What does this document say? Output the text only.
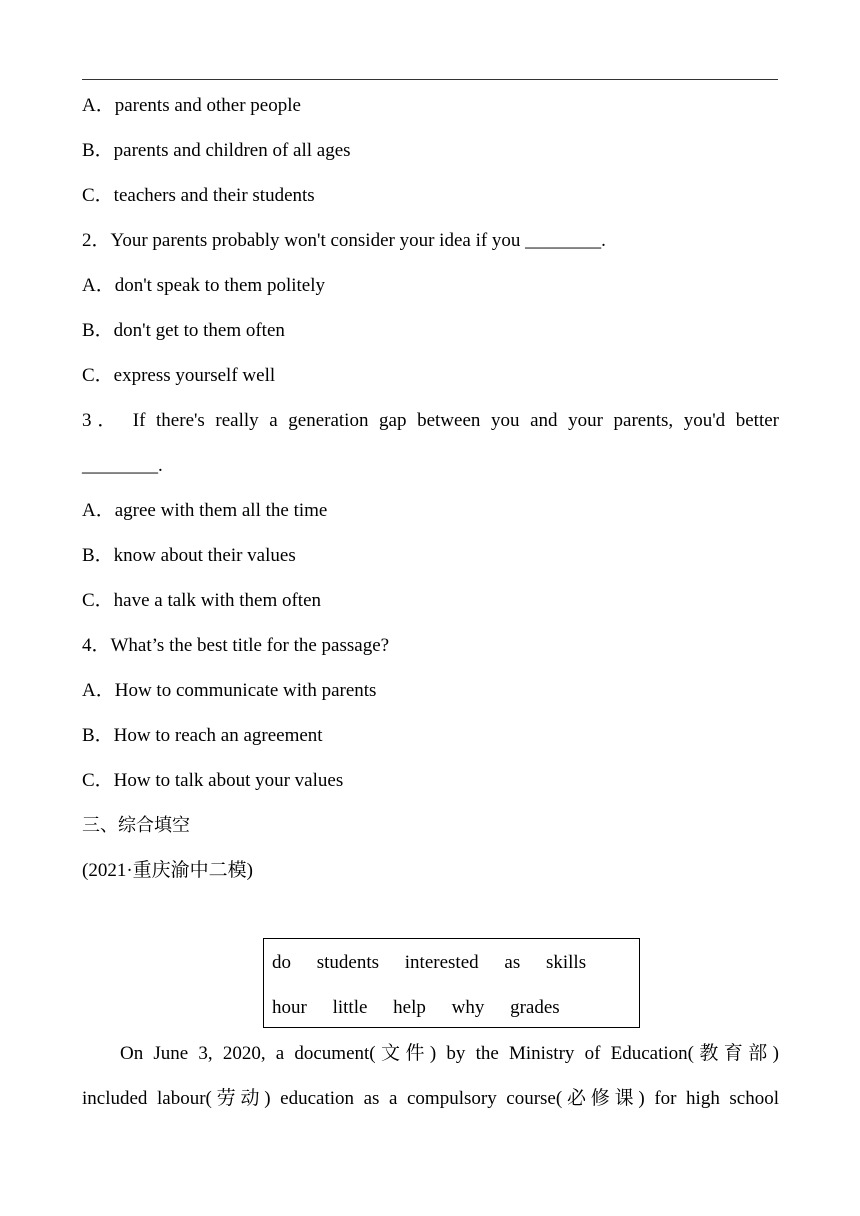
A．parents and other people
B．parents and children of all ages
C．teachers and their students
2．Your parents probably won't consider your idea if you ________.
A．don't speak to them politely
B．don't get to them often
C．express yourself well
3． If there's really a generation gap between you and your parents, you'd better
________.
A．agree with them all the time
B．know about their values
C．have a talk with them often
4．What’s the best title for the passage?
A．How to communicate with parents
B．How to reach an agreement
C．How to talk about your values
三、综合填空
(2021·重庆渝中二模)
do students interested as skills
hour little help why grades
On June 3, 2020, a document(文件) by the Ministry of Education(教育部)
included labour(劳动) education as a compulsory course(必修课) for high school
